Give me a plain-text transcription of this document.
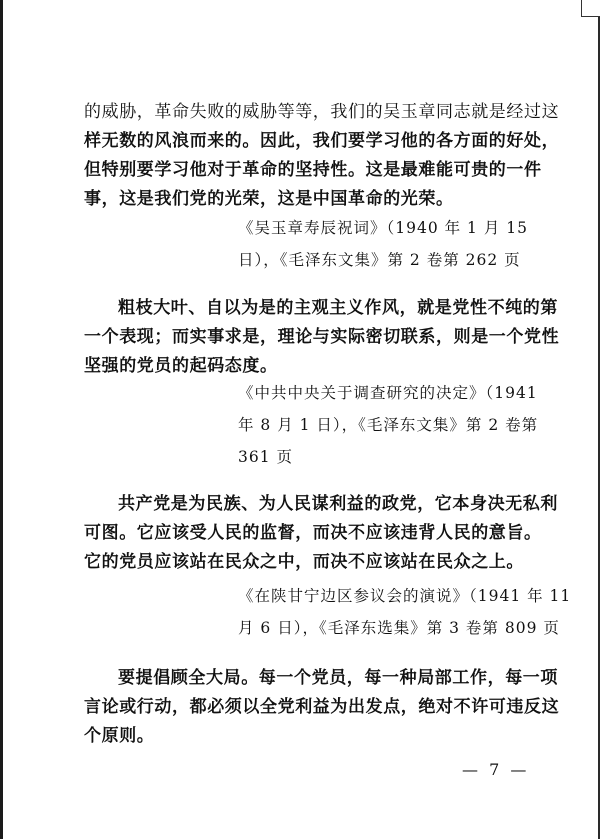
的威胁，革命失败的威胁等等，我们的吴玉章同志就是经过这
样无数的风浪而来的。因此，我们要学习他的各方面的好处，
但特别要学习他对于革命的坚持性。这是最难能可贵的一件
事，这是我们党的光荣，这是中国革命的光荣。
《吴玉章寿辰祝词》（1940 年 1 月 15
日），《毛泽东文集》第 2 卷第 262 页
粗枝大叶、自以为是的主观主义作风，就是党性不纯的第
一个表现；而实事求是，理论与实际密切联系，则是一个党性
坚强的党员的起码态度。
《中共中央关于调查研究的决定》（1941
年 8 月 1 日），《毛泽东文集》第 2 卷第
361 页
共产党是为民族、为人民谋利益的政党，它本身决无私利
可图。它应该受人民的监督，而决不应该违背人民的意旨。
它的党员应该站在民众之中，而决不应该站在民众之上。
《在陕甘宁边区参议会的演说》（1941 年 11
月 6 日），《毛泽东选集》第 3 卷第 809 页
要提倡顾全大局。每一个党员，每一种局部工作，每一项
言论或行动，都必须以全党利益为出发点，绝对不许可违反这
个原则。
— 7 —
